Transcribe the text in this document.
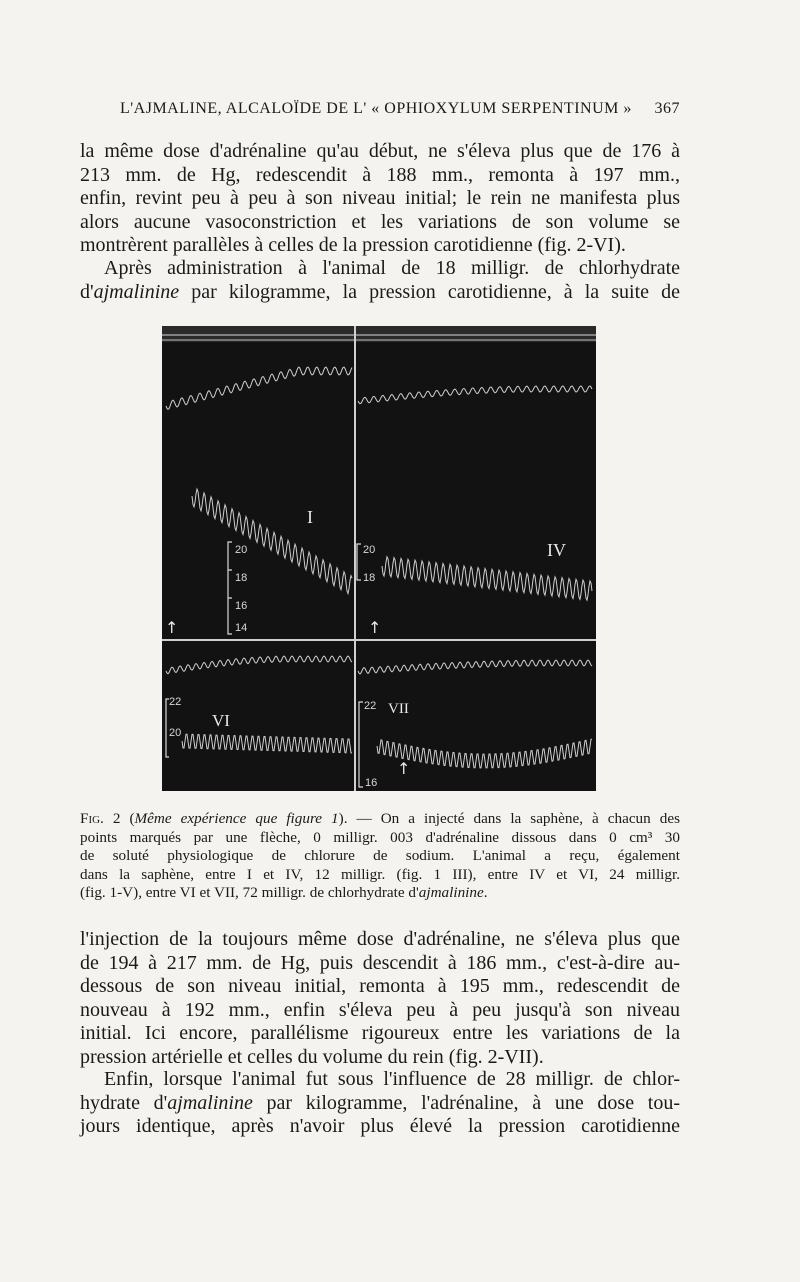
L'AJMALINE, ALCALOÏDE DE L' « OPHIOXYLUM SERPENTINUM » 367

la même dose d'adrénaline qu'au début, ne s'éleva plus que de 176 à
213 mm. de Hg, redescendit à 188 mm., remonta à 197 mm.,
enfin, revint peu à peu à son niveau initial; le rein ne manifesta plus
alors aucune vasoconstriction et les variations de son volume se
montrèrent parallèles à celles de la pression carotidienne (fig. 2-VI).

Après administration à l'animal de 18 milligr. de chlorhydrate
d'ajmalinine par kilogramme, la pression carotidienne, à la suite de

I
IV
VI
VII
20
18
16
14
20
18
22
20
22
16
↑	↑
↑
Fig. 2 (Même expérience que figure 1). — On a injecté dans la saphène, à chacun des
points marqués par une flèche, 0 milligr. 003 d'adrénaline dissous dans 0 cm³ 30
de soluté physiologique de chlorure de sodium. L'animal a reçu, également
dans la saphène, entre I et IV, 12 milligr. (fig. 1 III), entre IV et VI, 24 milligr.
(fig. 1-V), entre VI et VII, 72 milligr. de chlorhydrate d'ajmalinine.

l'injection de la toujours même dose d'adrénaline, ne s'éleva plus que
de 194 à 217 mm. de Hg, puis descendit à 186 mm., c'est-à-dire au-
dessous de son niveau initial, remonta à 195 mm., redescendit de
nouveau à 192 mm., enfin s'éleva peu à peu jusqu'à son niveau
initial. Ici encore, parallélisme rigoureux entre les variations de la
pression artérielle et celles du volume du rein (fig. 2-VII).

Enfin, lorsque l'animal fut sous l'influence de 28 milligr. de chlor-
hydrate d'ajmalinine par kilogramme, l'adrénaline, à une dose tou-
jours identique, après n'avoir plus élevé la pression carotidienne
